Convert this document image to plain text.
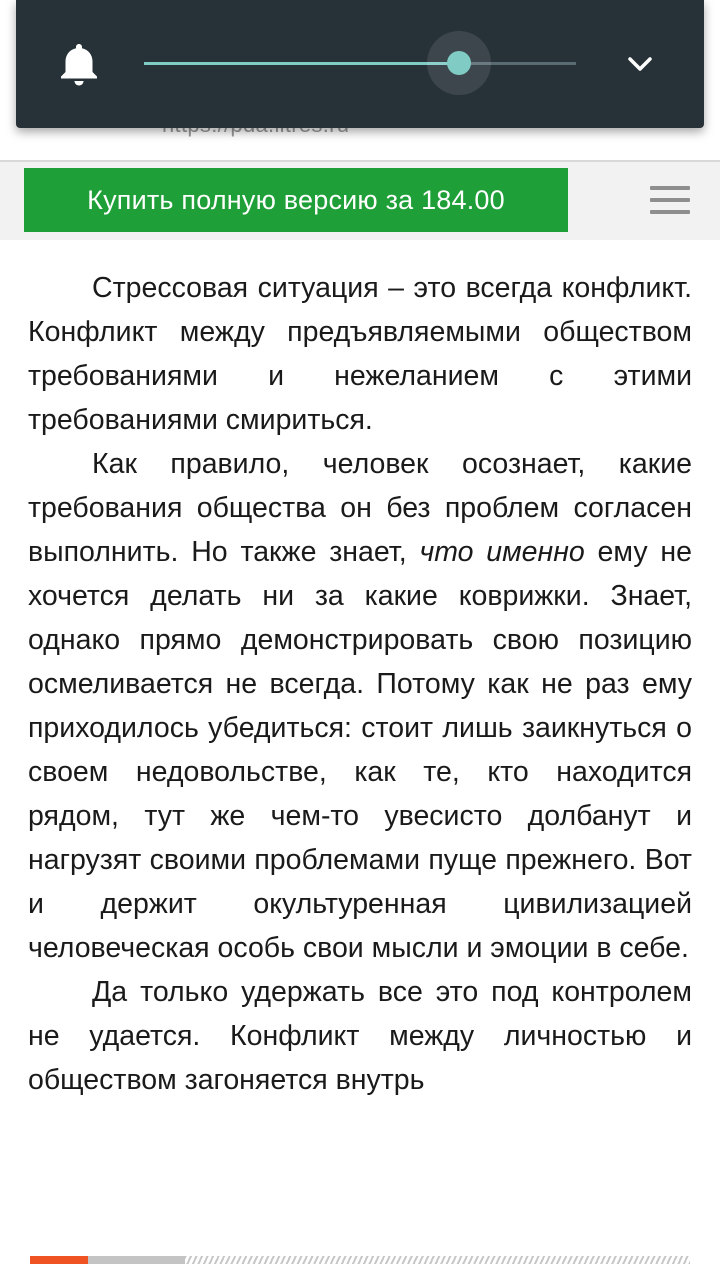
Купить полную версию за 184.00

Стрессовая ситуация – это всегда конфликт. Конфликт между предъявляемыми обществом требованиями и нежеланием с этими требованиями смириться.

Как правило, человек осознает, какие требования общества он без проблем согласен выполнить. Но также знает, что именно ему не хочется делать ни за какие коврижки. Знает, однако прямо демонстрировать свою позицию осмеливается не всегда. Потому как не раз ему приходилось убедиться: стоит лишь заикнуться о своем недовольстве, как те, кто находится рядом, тут же чем-то увесисто долбанут и нагрузят своими проблемами пуще прежнего. Вот и держит окультуренная цивилизацией человеческая особь свои мысли и эмоции в себе.

Да только удержать все это под контролем не удается. Конфликт между личностью и обществом загоняется внутрь
